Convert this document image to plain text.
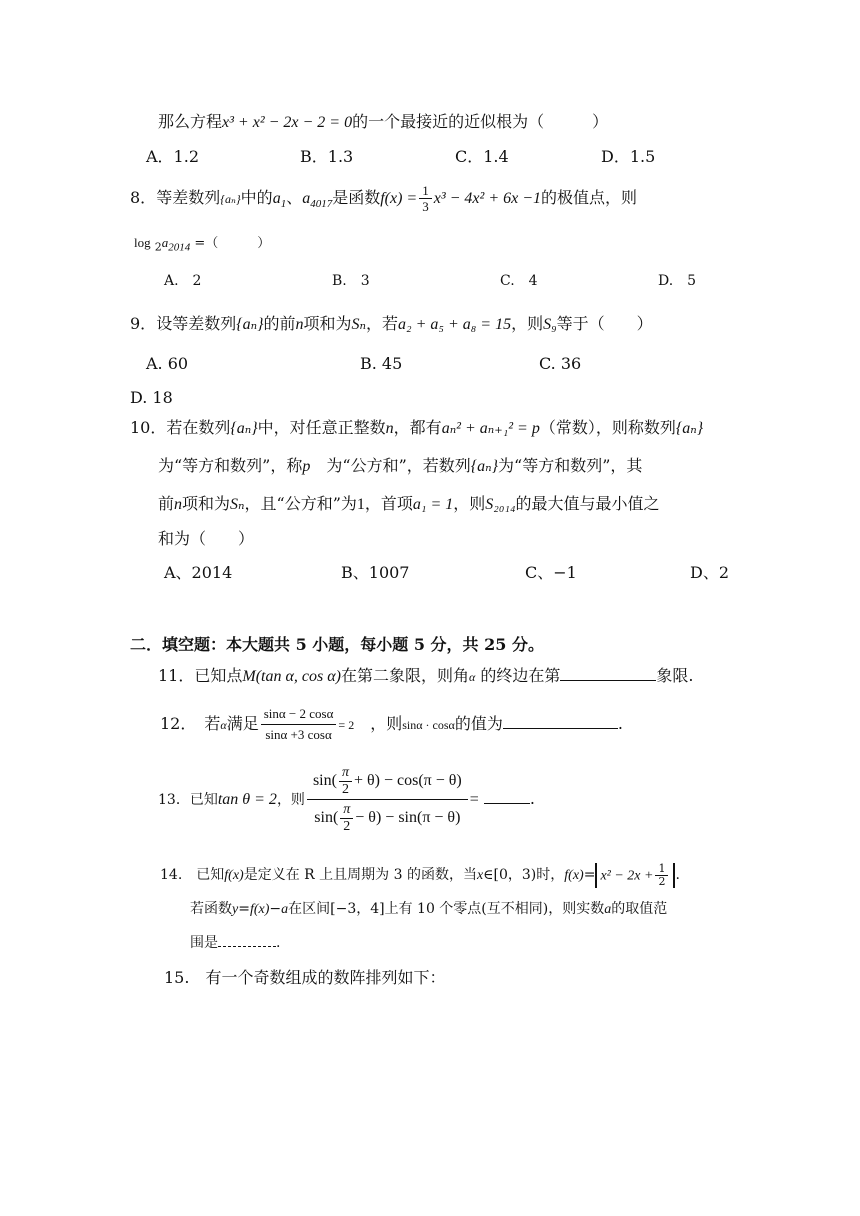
那么方程x³ + x² − 2x − 2 = 0的一个最接近的近似根为（　　　）
A．1.2	B．1.3	C．1.4	D．1.5
8．等差数列{aₙ}中的$a_1$、$a_{4017}$是函数$f(x) = \frac{1}{3} x^3 - 4x^2 + 6x -1$的极值点，则
$\log _2a_{2014}$ =（　　　）
A.　2	B.　3	C.　4	D.　5
9．设等差数列{aₙ}的前n项和为Sₙ，若a₂ + a₅ + a₈ = 15，则S₉等于（　　）
A. 60	B. 45	C. 36
D. 18
10．若在数列{aₙ}中，对任意正整数n，都有aₙ² + aₙ₊₁² = p（常数），则称数列{aₙ}
为“等方和数列”，称p　 为“公方和”，若数列{aₙ}为“等方和数列”，其
前n项和为Sₙ，且“公方和”为1，首项a₁ = 1，则S₂₀₁₄的最大值与最小值之
和为（　　）
A、2014	B、1007	C、−1	D、2
二．填空题：本大题共 5 小题，每小题 5 分，共 25 分。
11．已知点M(tan α, cos α)在第二象限，则角α 的终边在第	象限.
12．　若α满足 $\frac{\sin\alpha - 2 \cos\alpha}{\sin\alpha +3 \cos\alpha} = 2$　 ，则sinα · cosα的值为	.
13．已知tan θ = 2，则 $\frac{\sin( \frac{\pi}{2} + \theta) - \cos(\pi - \theta)}{\sin( \frac{\pi}{2} - \theta) - \sin(\pi - \theta)}$ =	.
14.　已知f(x)是定义在 R 上且周期为 3 的函数，当x∈[0，3)时，$f(x)= x^2 - 2x + \frac{1}{2}$ .
若函数y=f(x)−a在区间[−3，4]上有 10 个零点(互不相同)，则实数a的取值范
围是	.
15.　有一个奇数组成的数阵排列如下：
